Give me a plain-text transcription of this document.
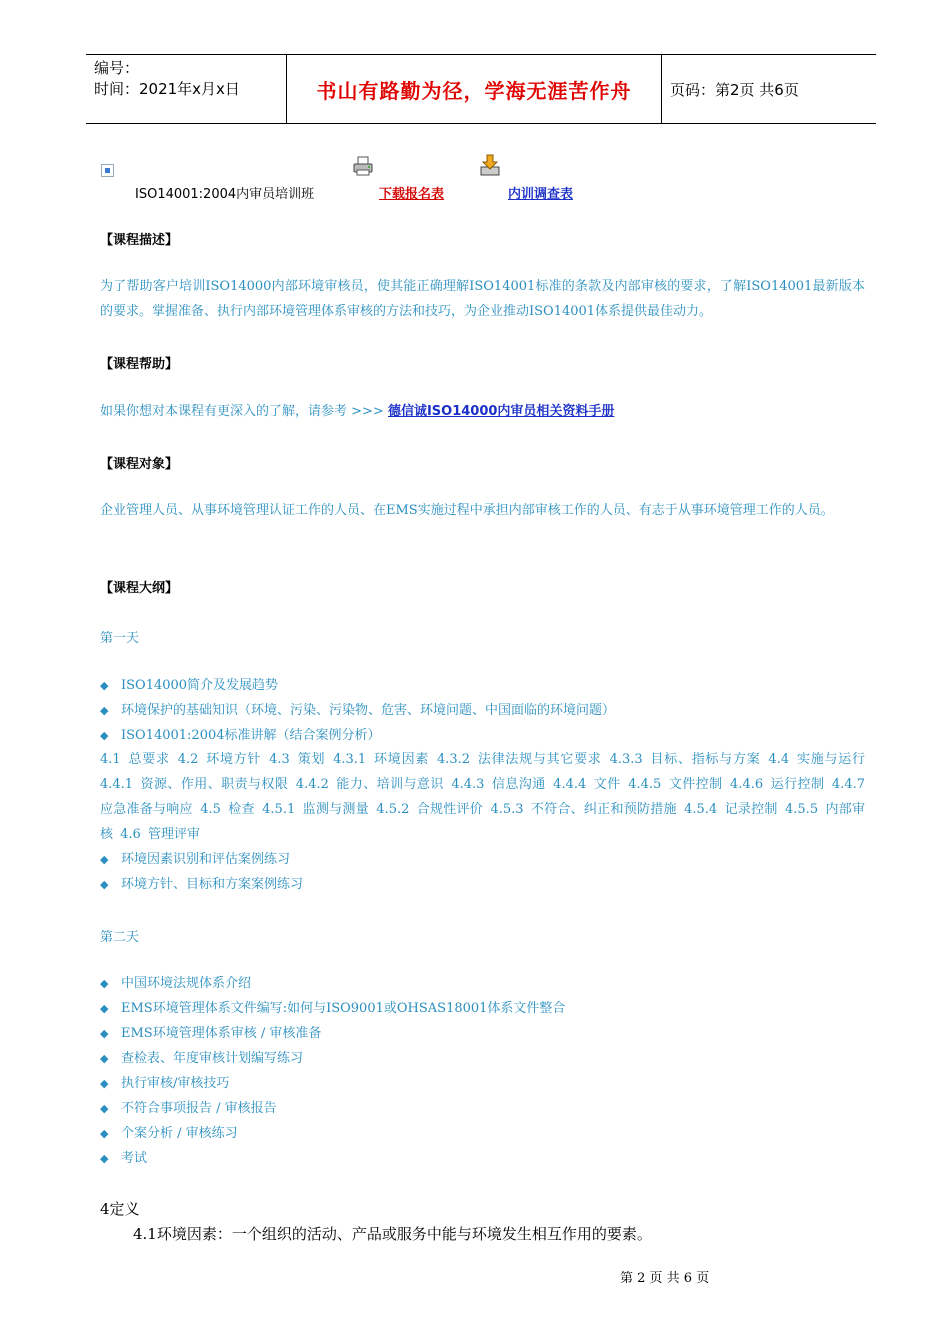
编号：
时间：2021年x月x日	书山有路勤为径，学海无涯苦作舟	页码：第2页 共6页
ISO14001:2004内审员培训班	下载报名表	内训调查表
【课程描述】
为了帮助客户培训ISO14000内部环境审核员，使其能正确理解ISO14001标准的条款及内部审核的要求，了解ISO14001最新版本的要求。掌握准备、执行内部环境管理体系审核的方法和技巧，为企业推动ISO14001体系提供最佳动力。
【课程帮助】
如果你想对本课程有更深入的了解，请参考 >>> 德信诚ISO14000内审员相关资料手册
【课程对象】
企业管理人员、从事环境管理认证工作的人员、在EMS实施过程中承担内部审核工作的人员、有志于从事环境管理工作的人员。
【课程大纲】
第一天
◆ ISO14000简介及发展趋势
◆ 环境保护的基础知识（环境、污染、污染物、危害、环境问题、中国面临的环境问题）
◆ ISO14001:2004标准讲解（结合案例分析）
4.1 总要求 4.2 环境方针 4.3 策划 4.3.1 环境因素 4.3.2 法律法规与其它要求 4.3.3 目标、指标与方案 4.4 实施与运行 4.4.1 资源、作用、职责与权限 4.4.2 能力、培训与意识 4.4.3 信息沟通 4.4.4 文件 4.4.5 文件控制 4.4.6 运行控制 4.4.7 应急准备与响应 4.5 检查 4.5.1 监测与测量 4.5.2 合规性评价 4.5.3 不符合、纠正和预防措施 4.5.4 记录控制 4.5.5 内部审核 4.6 管理评审
◆ 环境因素识别和评估案例练习
◆ 环境方针、目标和方案案例练习
第二天
◆ 中国环境法规体系介绍
◆ EMS环境管理体系文件编写:如何与ISO9001或OHSAS18001体系文件整合
◆ EMS环境管理体系审核 / 审核准备
◆ 查检表、年度审核计划编写练习
◆ 执行审核/审核技巧
◆ 不符合事项报告 / 审核报告
◆ 个案分析 / 审核练习
◆ 考试
4定义
4.1环境因素：一个组织的活动、产品或服务中能与环境发生相互作用的要素。
第 2 页 共 6 页
